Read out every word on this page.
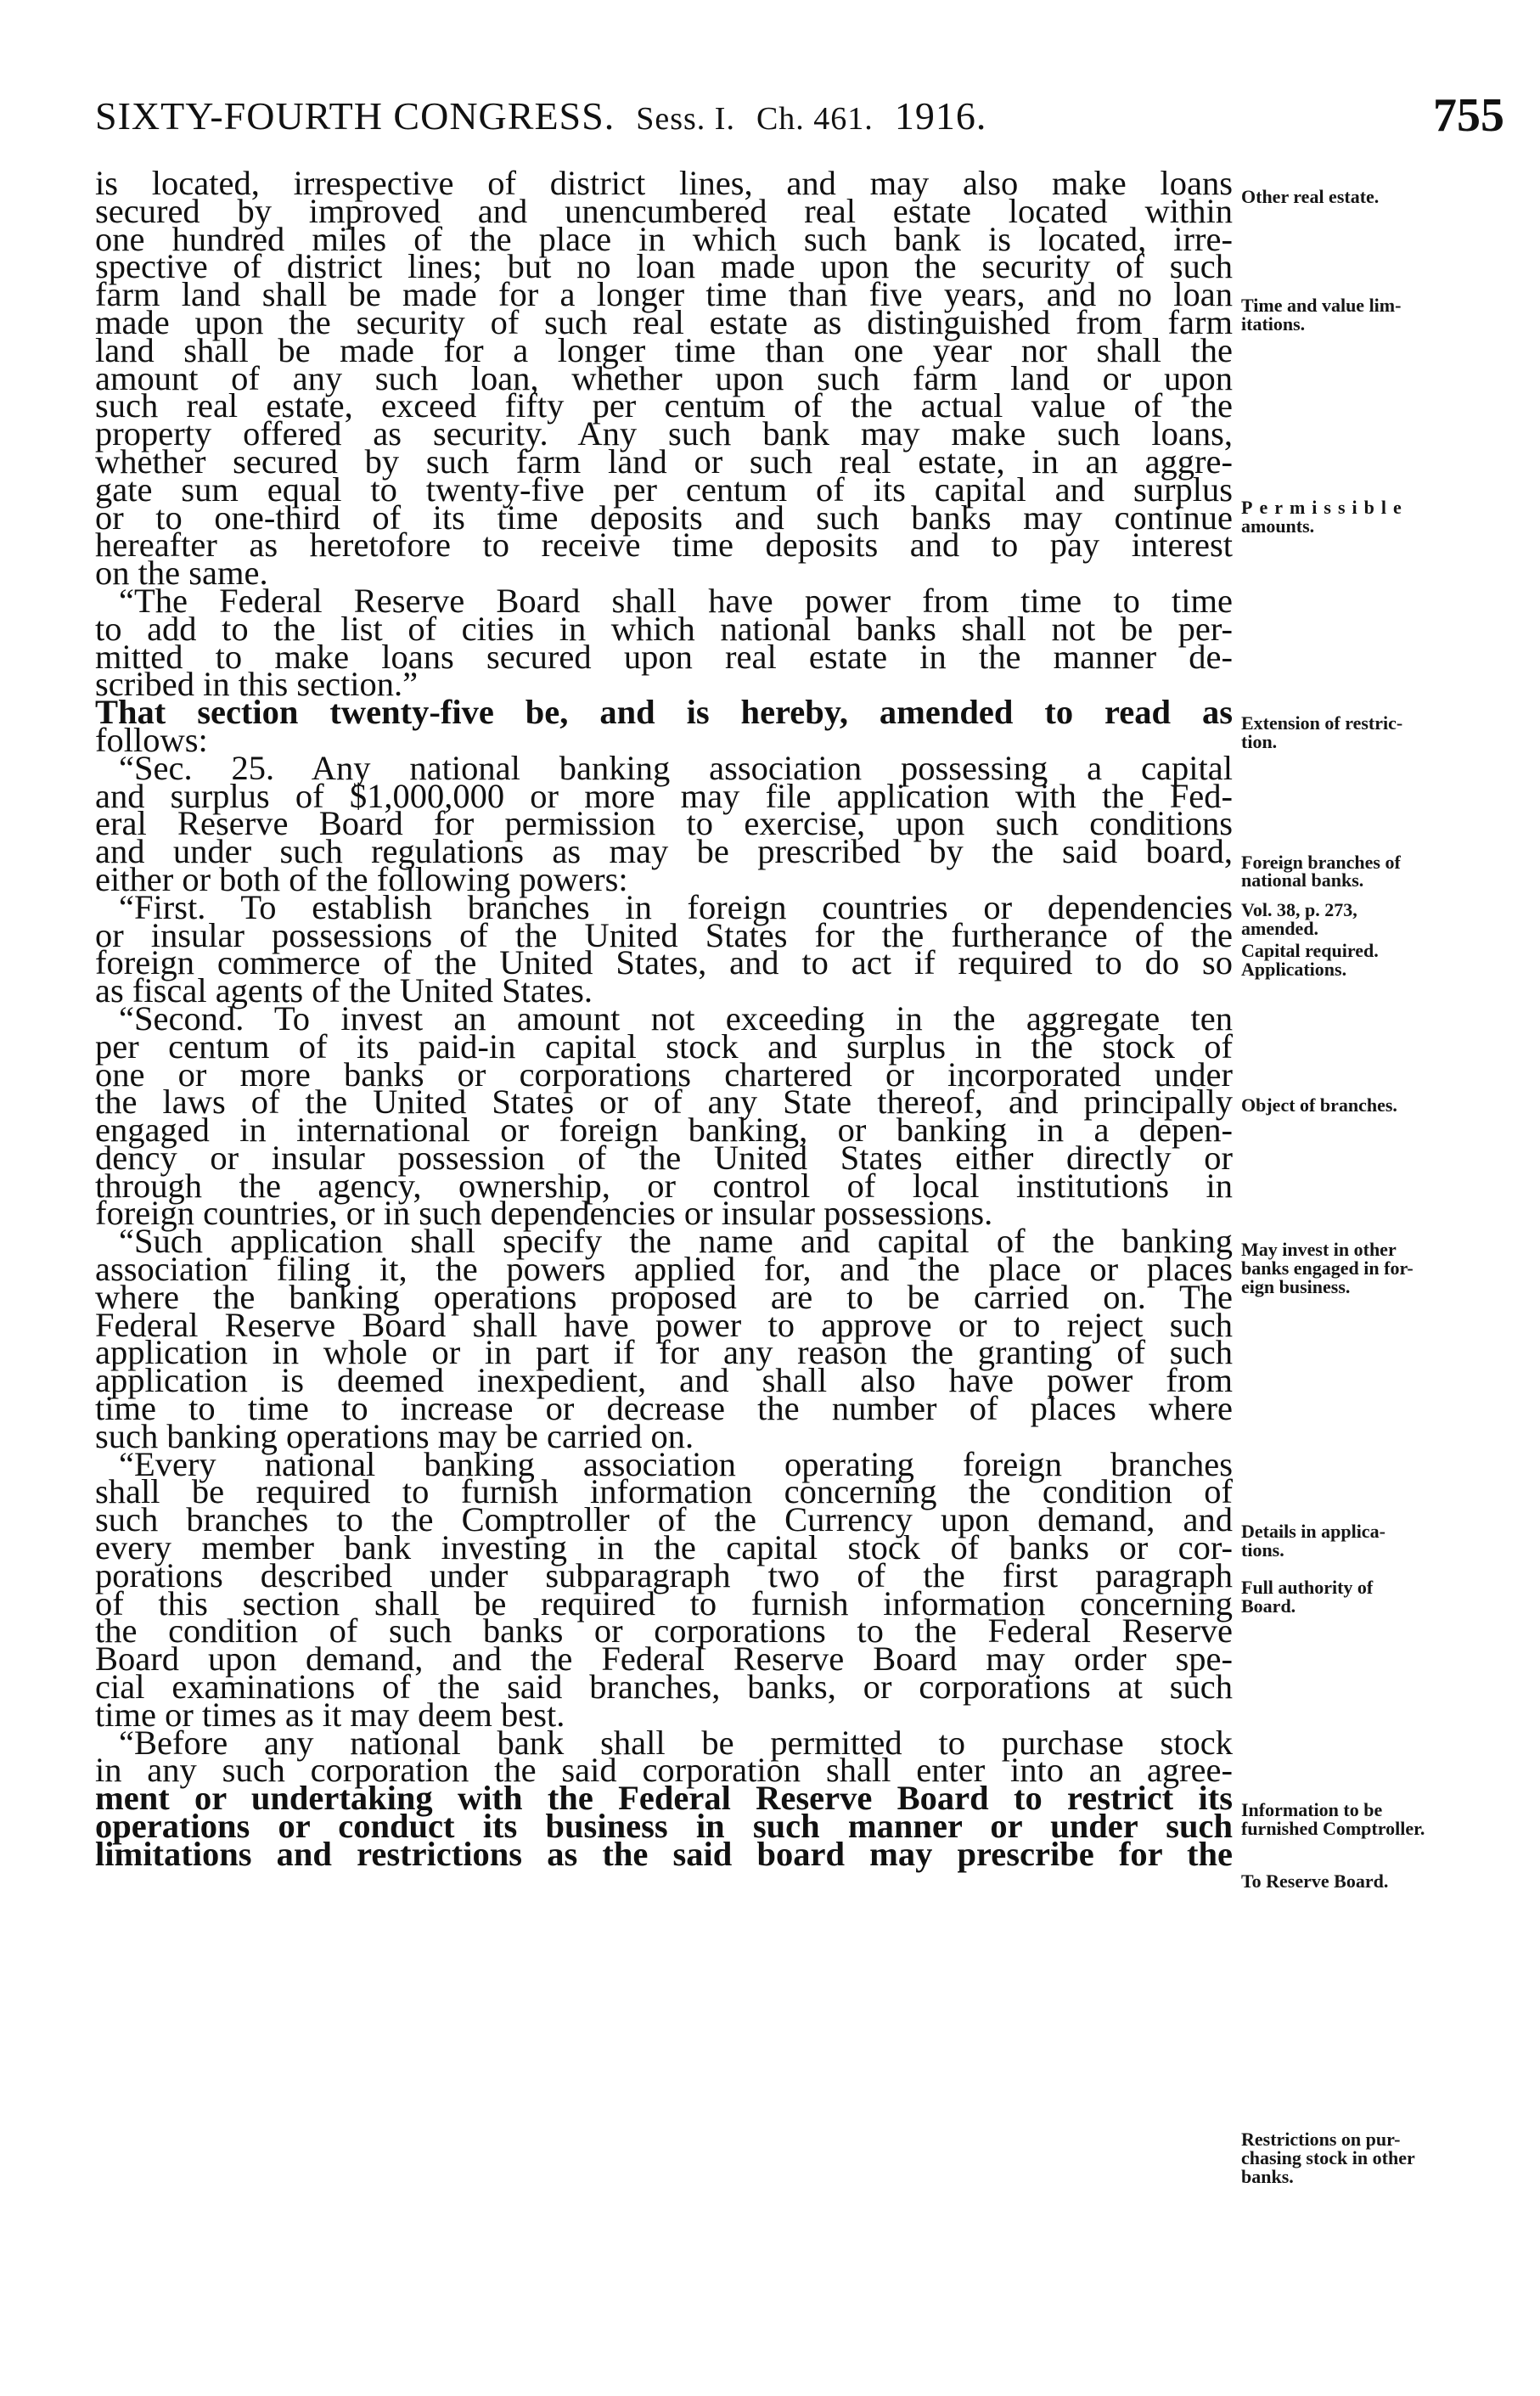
SIXTY-FOURTH CONGRESS. Sess. I. Ch. 461. 1916.	755
is located, irrespective of district lines, and may also make loans
secured by improved and unencumbered real estate located within
one hundred miles of the place in which such bank is located, irre-
spective of district lines; but no loan made upon the security of such
farm land shall be made for a longer time than five years, and no loan
made upon the security of such real estate as distinguished from farm
land shall be made for a longer time than one year nor shall the
amount of any such loan, whether upon such farm land or upon
such real estate, exceed fifty per centum of the actual value of the
property offered as security. Any such bank may make such loans,
whether secured by such farm land or such real estate, in an aggre-
gate sum equal to twenty-five per centum of its capital and surplus
or to one-third of its time deposits and such banks may continue
hereafter as heretofore to receive time deposits and to pay interest
on the same.
“The Federal Reserve Board shall have power from time to time
to add to the list of cities in which national banks shall not be per-
mitted to make loans secured upon real estate in the manner de-
scribed in this section.”
That section twenty-five be, and is hereby, amended to read as
follows:
“Sec. 25. Any national banking association possessing a capital
and surplus of $1,000,000 or more may file application with the Fed-
eral Reserve Board for permission to exercise, upon such conditions
and under such regulations as may be prescribed by the said board,
either or both of the following powers:
“First. To establish branches in foreign countries or dependencies
or insular possessions of the United States for the furtherance of the
foreign commerce of the United States, and to act if required to do so
as fiscal agents of the United States.
“Second. To invest an amount not exceeding in the aggregate ten
per centum of its paid-in capital stock and surplus in the stock of
one or more banks or corporations chartered or incorporated under
the laws of the United States or of any State thereof, and principally
engaged in international or foreign banking, or banking in a depen-
dency or insular possession of the United States either directly or
through the agency, ownership, or control of local institutions in
foreign countries, or in such dependencies or insular possessions.
“Such application shall specify the name and capital of the banking
association filing it, the powers applied for, and the place or places
where the banking operations proposed are to be carried on. The
Federal Reserve Board shall have power to approve or to reject such
application in whole or in part if for any reason the granting of such
application is deemed inexpedient, and shall also have power from
time to time to increase or decrease the number of places where
such banking operations may be carried on.
“Every national banking association operating foreign branches
shall be required to furnish information concerning the condition of
such branches to the Comptroller of the Currency upon demand, and
every member bank investing in the capital stock of banks or cor-
porations described under subparagraph two of the first paragraph
of this section shall be required to furnish information concerning
the condition of such banks or corporations to the Federal Reserve
Board upon demand, and the Federal Reserve Board may order spe-
cial examinations of the said branches, banks, or corporations at such
time or times as it may deem best.
“Before any national bank shall be permitted to purchase stock
in any such corporation the said corporation shall enter into an agree-
ment or undertaking with the Federal Reserve Board to restrict its
operations or conduct its business in such manner or under such
limitations and restrictions as the said board may prescribe for the
Other real estate.
Time and value lim-
itations.
Permissible
amounts.
Extension of restric-
tion.
Foreign branches of
national banks.
Vol. 38, p. 273,
amended.
Capital required.
Applications.
Object of branches.
May invest in other
banks engaged in for-
eign business.
Details in applica-
tions.
Full authority of
Board.
Information to be
furnished Comptroller.
To Reserve Board.
Restrictions on pur-
chasing stock in other
banks.
